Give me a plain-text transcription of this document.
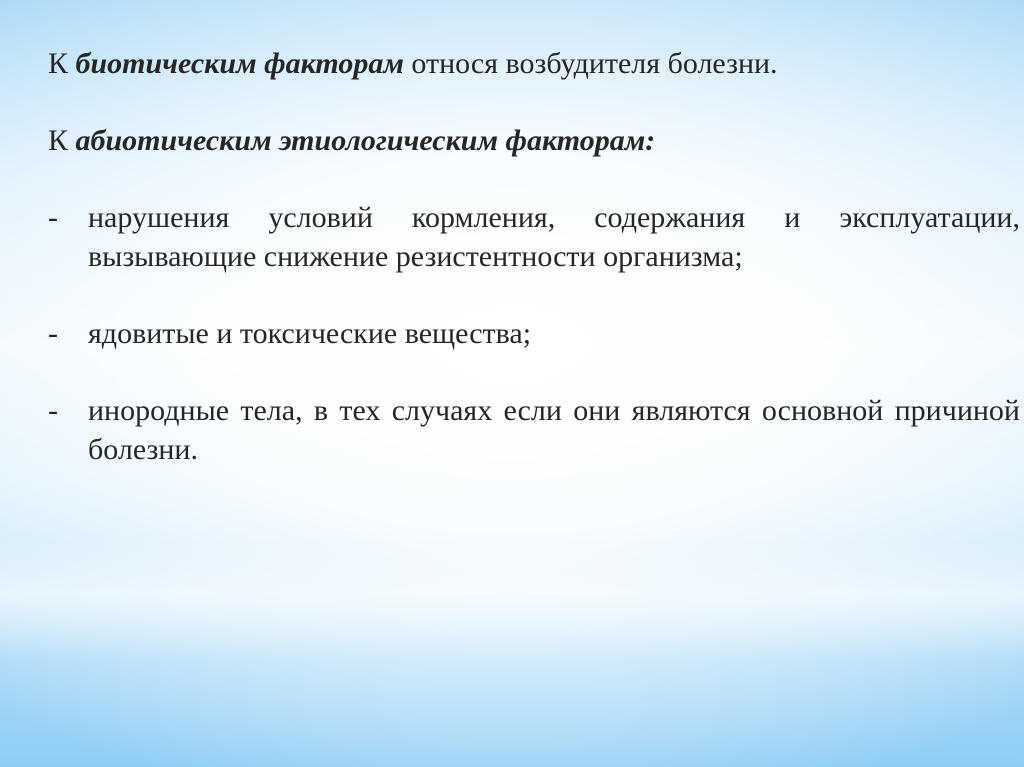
К биотическим факторам относя возбудителя болезни.

К абиотическим этиологическим факторам:

- нарушения условий кормления, содержания и эксплуатации, вызывающие снижение резистентности организма;

- ядовитые и токсические вещества;

- инородные тела, в тех случаях если они являются основной причиной болезни.
